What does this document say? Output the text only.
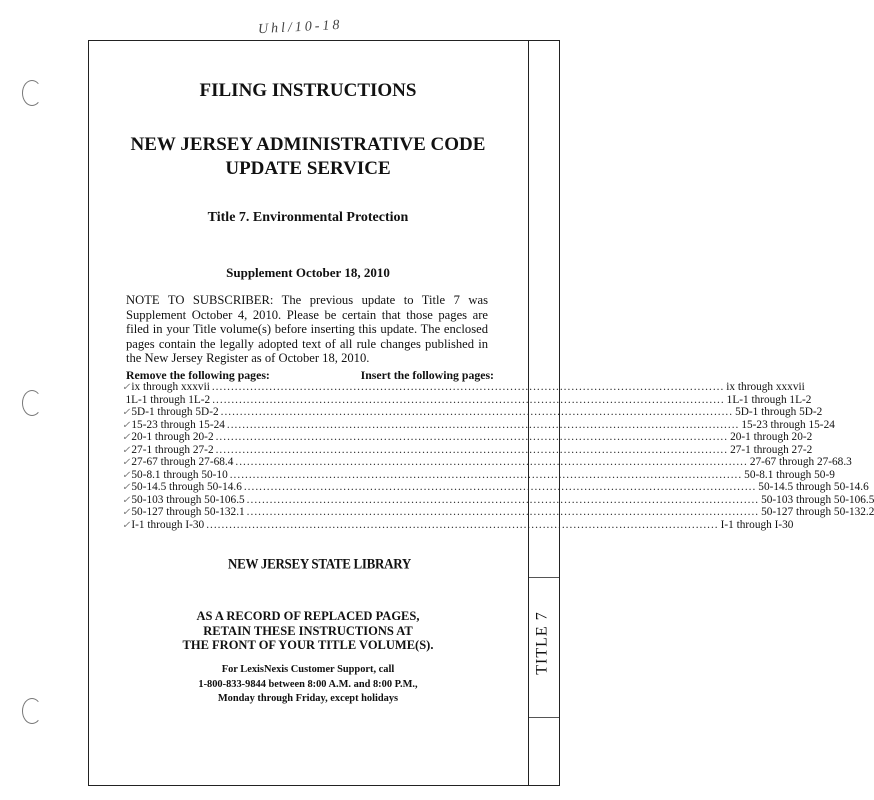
TITLE 7
Uhl/10-18
FILING INSTRUCTIONS
NEW JERSEY ADMINISTRATIVE CODE
UPDATE SERVICE
Title 7. Environmental Protection
Supplement October 18, 2010
NOTE TO SUBSCRIBER: The previous update to Title 7 was Supplement October 4, 2010. Please be certain that those pages are filed in your Title volume(s) before inserting this update. The enclosed pages contain the legally adopted text of all rule changes published in the New Jersey Register as of October 18, 2010.
Remove the following pages:	Insert the following pages:
✓ ix through xxxvii ...................................................................................................................................... ix through xxxvii

1L-1 through 1L-2 ...................................................................................................................................... 1L-1 through 1L-2
✓ 5D-1 through 5D-2 ...................................................................................................................................... 5D-1 through 5D-2
✓ 15-23 through 15-24 ...................................................................................................................................... 15-23 through 15-24
✓ 20-1 through 20-2 ...................................................................................................................................... 20-1 through 20-2
✓ 27-1 through 27-2 ...................................................................................................................................... 27-1 through 27-2
✓ 27-67 through 27-68.4 ...................................................................................................................................... 27-67 through 27-68.3
✓ 50-8.1 through 50-10 ...................................................................................................................................... 50-8.1 through 50-9
✓ 50-14.5 through 50-14.6 ...................................................................................................................................... 50-14.5 through 50-14.6
✓ 50-103 through 50-106.5 ...................................................................................................................................... 50-103 through 50-106.5
✓ 50-127 through 50-132.1 ...................................................................................................................................... 50-127 through 50-132.2
✓ I-1 through I-30 ...................................................................................................................................... I-1 through I-30
NEW JERSEY STATE LIBRARY
AS A RECORD OF REPLACED PAGES,
RETAIN THESE INSTRUCTIONS AT
THE FRONT OF YOUR TITLE VOLUME(S).
For LexisNexis Customer Support, call
1-800-833-9844 between 8:00 A.M. and 8:00 P.M.,
Monday through Friday, except holidays
